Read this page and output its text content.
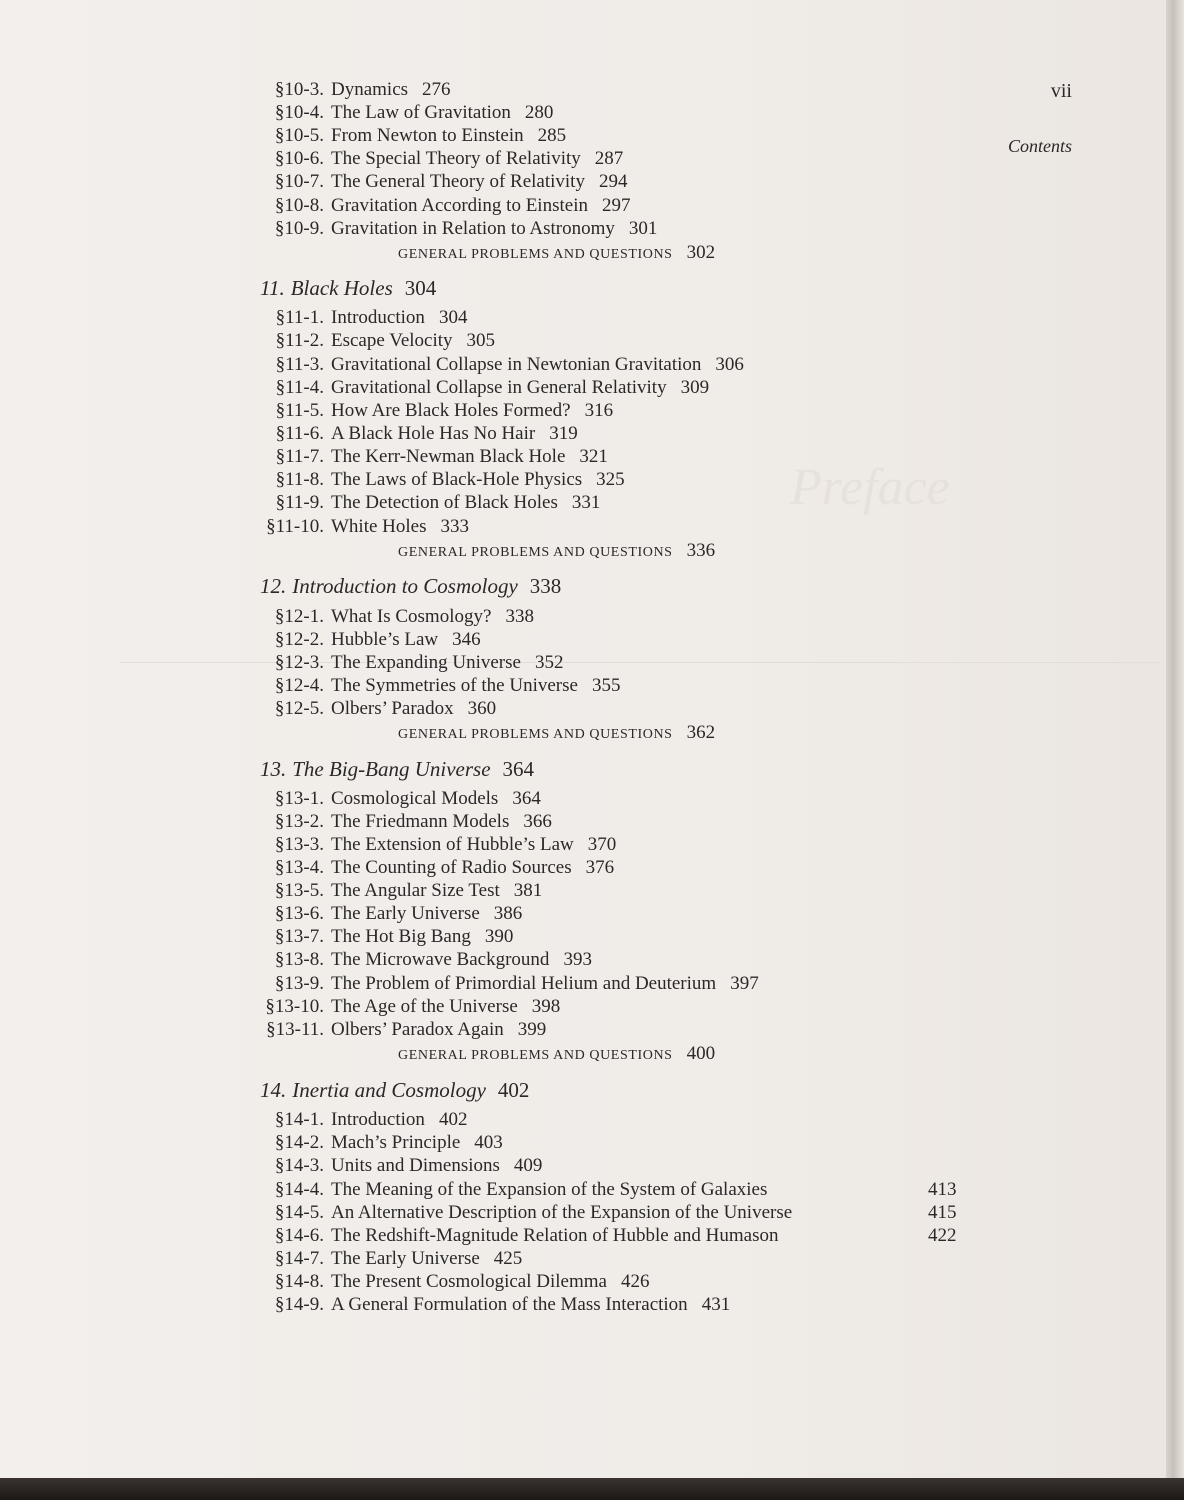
Preface
vii
Contents
§10-3. Dynamics 276
§10-4. The Law of Gravitation 280
§10-5. From Newton to Einstein 285
§10-6. The Special Theory of Relativity 287
§10-7. The General Theory of Relativity 294
§10-8. Gravitation According to Einstein 297
§10-9. Gravitation in Relation to Astronomy 301
GENERAL PROBLEMS AND QUESTIONS 302
11. Black Holes 304
§11-1. Introduction 304
§11-2. Escape Velocity 305
§11-3. Gravitational Collapse in Newtonian Gravitation 306
§11-4. Gravitational Collapse in General Relativity 309
§11-5. How Are Black Holes Formed? 316
§11-6. A Black Hole Has No Hair 319
§11-7. The Kerr-Newman Black Hole 321
§11-8. The Laws of Black-Hole Physics 325
§11-9. The Detection of Black Holes 331
§11-10. White Holes 333
GENERAL PROBLEMS AND QUESTIONS 336
12. Introduction to Cosmology 338
§12-1. What Is Cosmology? 338
§12-2. Hubble’s Law 346
§12-3. The Expanding Universe 352
§12-4. The Symmetries of the Universe 355
§12-5. Olbers’ Paradox 360
GENERAL PROBLEMS AND QUESTIONS 362
13. The Big-Bang Universe 364
§13-1. Cosmological Models 364
§13-2. The Friedmann Models 366
§13-3. The Extension of Hubble’s Law 370
§13-4. The Counting of Radio Sources 376
§13-5. The Angular Size Test 381
§13-6. The Early Universe 386
§13-7. The Hot Big Bang 390
§13-8. The Microwave Background 393
§13-9. The Problem of Primordial Helium and Deuterium 397
§13-10. The Age of the Universe 398
§13-11. Olbers’ Paradox Again 399
GENERAL PROBLEMS AND QUESTIONS 400
14. Inertia and Cosmology 402
§14-1. Introduction 402
§14-2. Mach’s Principle 403
§14-3. Units and Dimensions 409
§14-4. The Meaning of the Expansion of the System of Galaxies	413
§14-5. An Alternative Description of the Expansion of the Universe	415
§14-6. The Redshift-Magnitude Relation of Hubble and Humason	422
§14-7. The Early Universe 425
§14-8. The Present Cosmological Dilemma 426
§14-9. A General Formulation of the Mass Interaction 431
